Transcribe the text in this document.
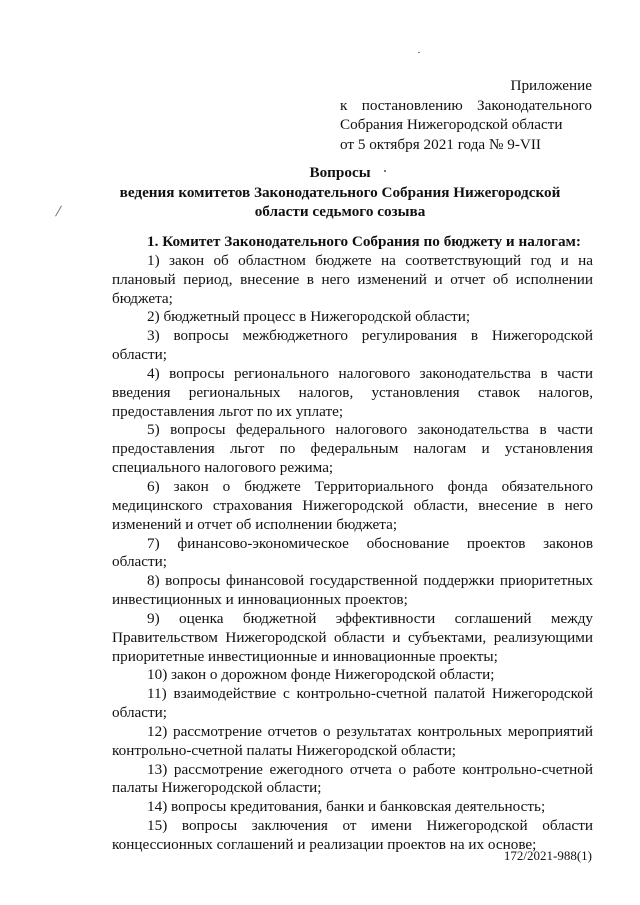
Приложение
к постановлению Законодательного
Собрания Нижегородской области
от 5 октября 2021 года № 9-VII
Вопросы
ведения комитетов Законодательного Собрания Нижегородской
области седьмого созыва

1. Комитет Законодательного Собрания по бюджету и налогам:

1) закон об областном бюджете на соответствующий год и на плановый период, внесение в него изменений и отчет об исполнении бюджета;

2) бюджетный процесс в Нижегородской области;

3) вопросы межбюджетного регулирования в Нижегородской области;

4) вопросы регионального налогового законодательства в части введения региональных налогов, установления ставок налогов, предоставления льгот по их уплате;

5) вопросы федерального налогового законодательства в части предоставления льгот по федеральным налогам и установления специального налогового режима;

6) закон о бюджете Территориального фонда обязательного медицинского страхования Нижегородской области, внесение в него изменений и отчет об исполнении бюджета;

7) финансово-экономическое обоснование проектов законов области;

8) вопросы финансовой государственной поддержки приоритетных инвестиционных и инновационных проектов;

9) оценка бюджетной эффективности соглашений между Правительством Нижегородской области и субъектами, реализующими приоритетные инвестиционные и инновационные проекты;

10) закон о дорожном фонде Нижегородской области;

11) взаимодействие с контрольно-счетной палатой Нижегородской области;

12) рассмотрение отчетов о результатах контрольных мероприятий контрольно-счетной палаты Нижегородской области;

13) рассмотрение ежегодного отчета о работе контрольно-счетной палаты Нижегородской области;

14) вопросы кредитования, банки и банковская деятельность;

15) вопросы заключения от имени Нижегородской области концессионных соглашений и реализации проектов на их основе;

172/2021-988(1)
